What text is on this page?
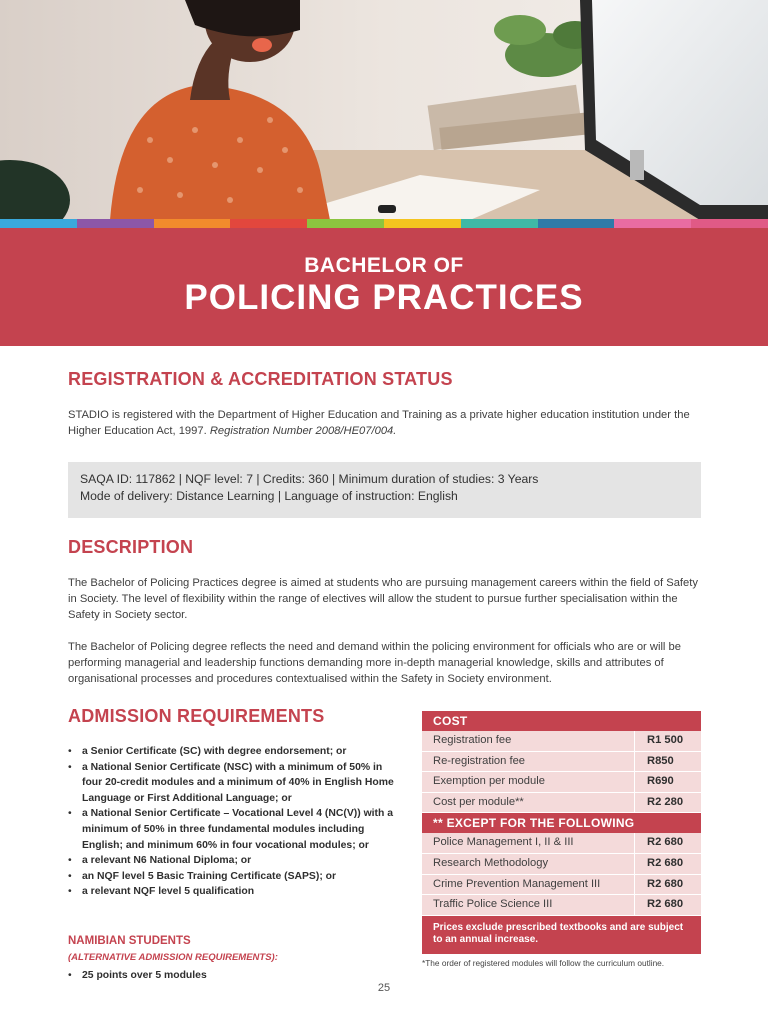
BACHELOR OF
POLICING PRACTICES
REGISTRATION & ACCREDITATION STATUS
STADIO is registered with the Department of Higher Education and Training as a private higher education institution under the Higher Education Act, 1997. Registration Number 2008/HE07/004.
SAQA ID: 117862 | NQF level: 7 | Credits: 360 | Minimum duration of studies: 3 Years
Mode of delivery: Distance Learning | Language of instruction: English
DESCRIPTION
The Bachelor of Policing Practices degree is aimed at students who are pursuing management careers within the field of Safety in Society. The level of flexibility within the range of electives will allow the student to pursue further specialisation within the Safety in Society sector.
The Bachelor of Policing degree reflects the need and demand within the policing environment for officials who are or will be performing managerial and leadership functions demanding more in-depth managerial knowledge, skills and attributes of organisational processes and procedures contextualised within the Safety in Society environment.
ADMISSION REQUIREMENTS
• a Senior Certificate (SC) with degree endorsement; or
• a National Senior Certificate (NSC) with a minimum of 50% in four 20-credit modules and a minimum of 40% in English Home Language or First Additional Language; or
• a National Senior Certificate – Vocational Level 4 (NC(V)) with a minimum of 50% in three fundamental modules including English; and minimum 60% in four vocational modules; or
• a relevant N6 National Diploma; or
• an NQF level 5 Basic Training Certificate (SAPS); or
• a relevant NQF level 5 qualification
NAMIBIAN STUDENTS
(ALTERNATIVE ADMISSION REQUIREMENTS):
• 25 points over 5 modules
COST
Registration fee	R1 500
Re-registration fee	R850
Exemption per module	R690
Cost per module**	R2 280
** EXCEPT FOR THE FOLLOWING
Police Management I, II & III	R2 680
Research Methodology	R2 680
Crime Prevention Management III	R2 680
Traffic Police Science III	R2 680
Prices exclude prescribed textbooks and are subject to an annual increase.
*The order of registered modules will follow the curriculum outline.
25
